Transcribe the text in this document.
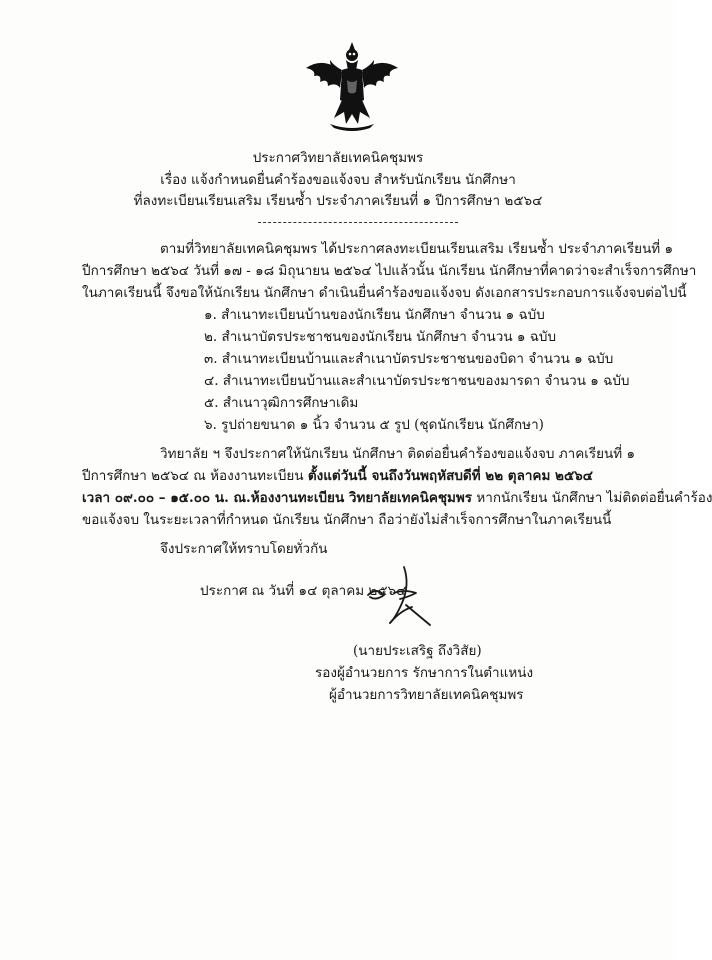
ประกาศวิทยาลัยเทคนิคชุมพร
เรื่อง แจ้งกำหนดยื่นคำร้องขอแจ้งจบ สำหรับนักเรียน นักศึกษา
ที่ลงทะเบียนเรียนเสริม เรียนซ้ำ ประจำภาคเรียนที่ ๑ ปีการศึกษา ๒๕๖๔
ตามที่วิทยาลัยเทคนิคชุมพร ได้ประกาศลงทะเบียนเรียนเสริม เรียนซ้ำ ประจำภาคเรียนที่ ๑
ปีการศึกษา ๒๕๖๔ วันที่ ๑๗ - ๑๘ มิถุนายน ๒๕๖๔ ไปแล้วนั้น นักเรียน นักศึกษาที่คาดว่าจะสำเร็จการศึกษา
ในภาคเรียนนี้ จึงขอให้นักเรียน นักศึกษา ดำเนินยื่นคำร้องขอแจ้งจบ ดังเอกสารประกอบการแจ้งจบต่อไปนี้
๑. สำเนาทะเบียนบ้านของนักเรียน นักศึกษา จำนวน ๑ ฉบับ
๒. สำเนาบัตรประชาชนของนักเรียน นักศึกษา จำนวน ๑ ฉบับ
๓. สำเนาทะเบียนบ้านและสำเนาบัตรประชาชนของบิดา จำนวน ๑ ฉบับ
๔. สำเนาทะเบียนบ้านและสำเนาบัตรประชาชนของมารดา จำนวน ๑ ฉบับ
๕. สำเนาวุฒิการศึกษาเดิม
๖. รูปถ่ายขนาด ๑ นิ้ว จำนวน ๕ รูป (ชุดนักเรียน นักศึกษา)
วิทยาลัย ฯ จึงประกาศให้นักเรียน นักศึกษา ติดต่อยื่นคำร้องขอแจ้งจบ ภาคเรียนที่ ๑
ปีการศึกษา ๒๕๖๔ ณ ห้องงานทะเบียน ตั้งแต่วันนี้ จนถึงวันพฤหัสบดีที่ ๒๒ ตุลาคม ๒๕๖๔
เวลา ๐๙.๐๐ – ๑๕.๐๐ น. ณ.ห้องงานทะเบียน วิทยาลัยเทคนิคชุมพร หากนักเรียน นักศึกษา ไม่ติดต่อยื่นคำร้อง
ขอแจ้งจบ ในระยะเวลาที่กำหนด นักเรียน นักศึกษา ถือว่ายังไม่สำเร็จการศึกษาในภาคเรียนนี้
จึงประกาศให้ทราบโดยทั่วกัน
ประกาศ ณ วันที่ ๑๔ ตุลาคม ๒๕๖๔
(นายประเสริฐ ถึงวิสัย)
รองผู้อำนวยการ รักษาการในตำแหน่ง
ผู้อำนวยการวิทยาลัยเทคนิคชุมพร
